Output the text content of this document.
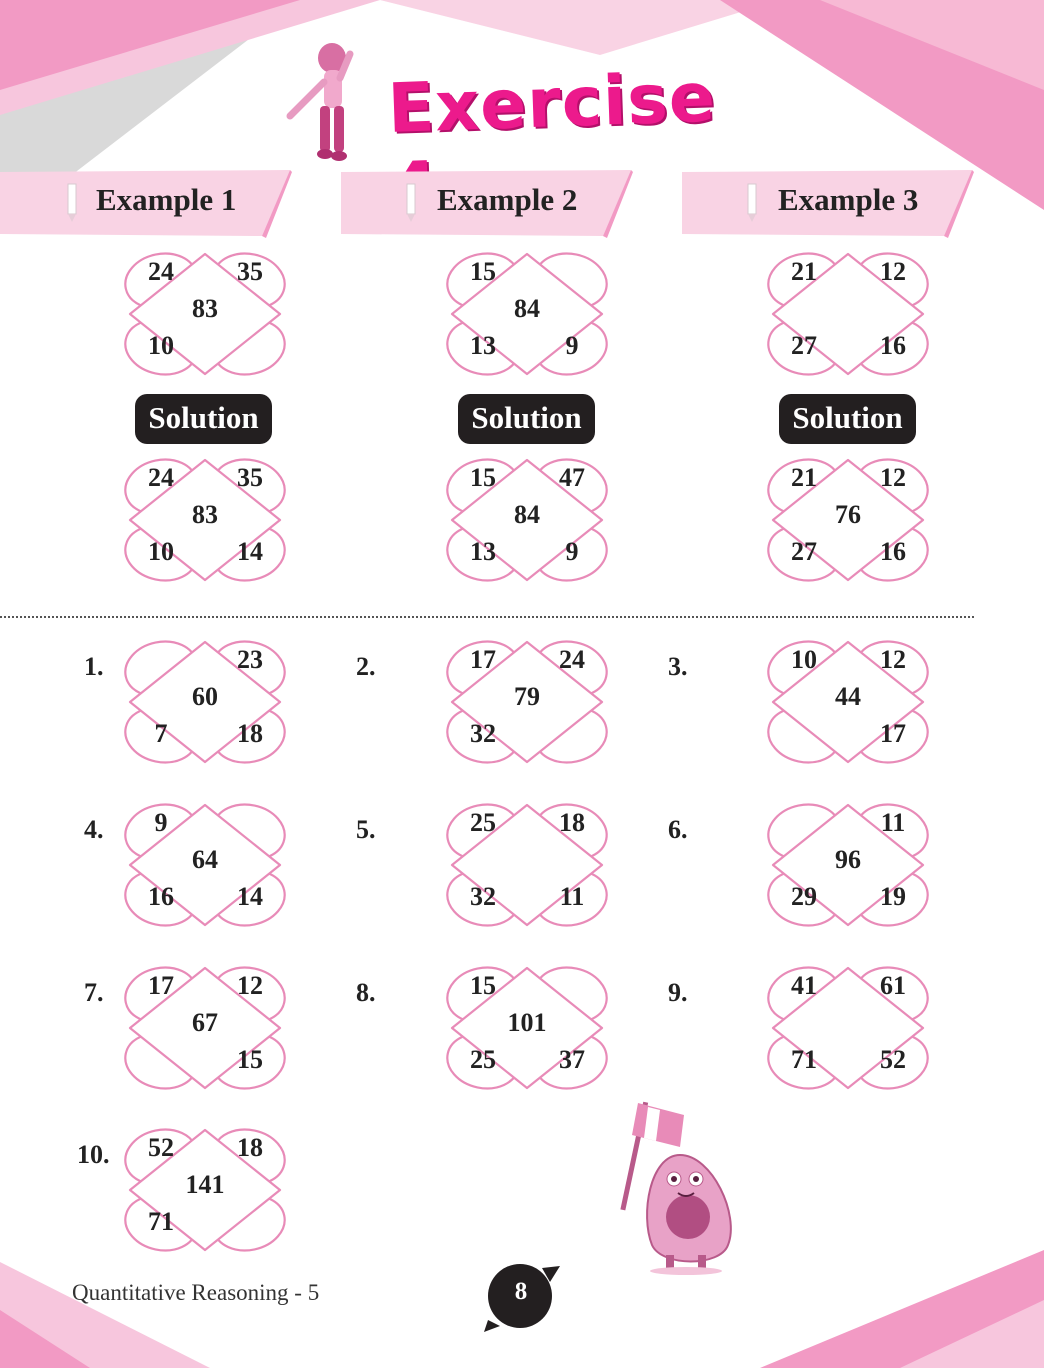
Exercise
Example 1	Example 2	Example 3
24	35
83
10
15
84
13	9
21	12
27	16
Solution	Solution	Solution
24	35
83
10	14
15	47
84
13	9
21	12
76
27	16
1.	23
60
7	18
2.	17	24
79
32
3.	10	12
44
17
4.	9
64
16	14
5.	25	18
32	11
6.	11
96
29	19
7.	17	12
67
15
8.	15
101
25	37
9.	41	61
71	52
10.	52	18
141
71
Quantitative Reasoning - 5	8
